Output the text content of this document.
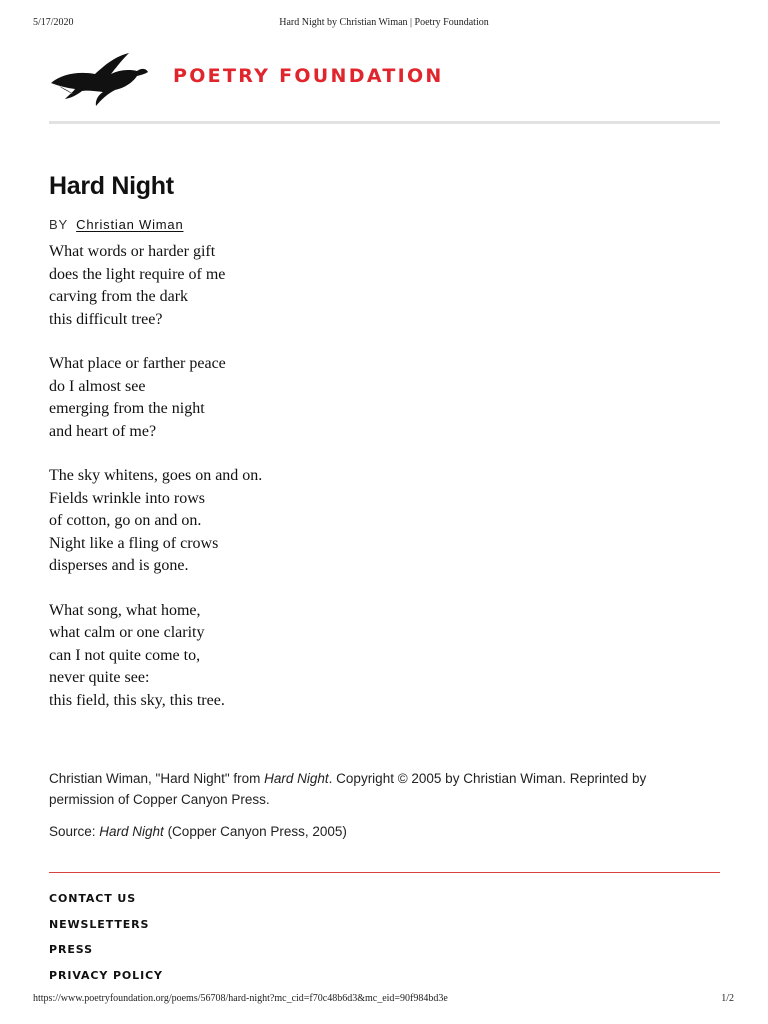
5/17/2020	Hard Night by Christian Wiman | Poetry Foundation
POETRY FOUNDATION
Hard Night
BY Christian Wiman
What words or harder gift
does the light require of me
carving from the dark
this difficult tree?
What place or farther peace
do I almost see
emerging from the night
and heart of me?
The sky whitens, goes on and on.
Fields wrinkle into rows
of cotton, go on and on.
Night like a fling of crows
disperses and is gone.
What song, what home,
what calm or one clarity
can I not quite come to,
never quite see:
this field, this sky, this tree.
Christian Wiman, "Hard Night" from Hard Night. Copyright © 2005 by Christian Wiman. Reprinted by permission of Copper Canyon Press.
Source: Hard Night (Copper Canyon Press, 2005)
CONTACT US
NEWSLETTERS
PRESS
PRIVACY POLICY
https://www.poetryfoundation.org/poems/56708/hard-night?mc_cid=f70c48b6d3&mc_eid=90f984bd3e	1/2
